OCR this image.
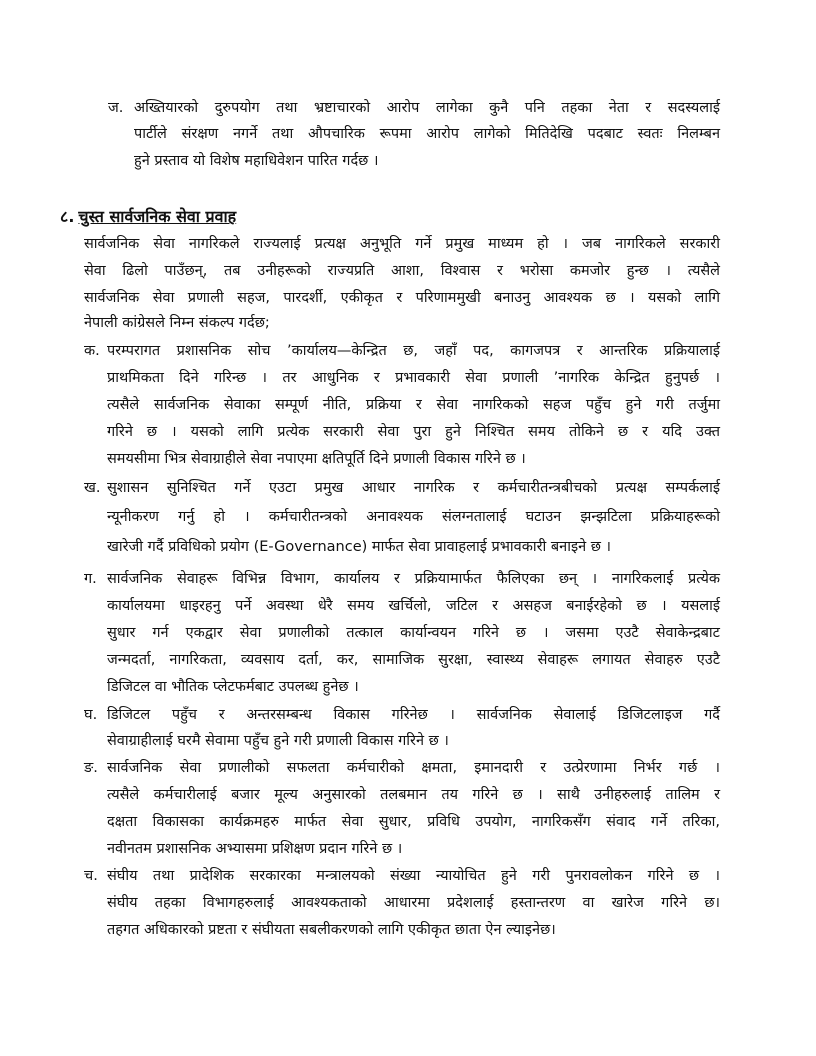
ज. अख्तियारको दुरुपयोग तथा भ्रष्टाचारको आरोप लागेका कुनै पनि तहका नेता र सदस्यलाई
पार्टीले संरक्षण नगर्ने तथा औपचारिक रूपमा आरोप लागेको मितिदेखि पदबाट स्वतः निलम्बन
हुने प्रस्ताव यो विशेष महाधिवेशन पारित गर्दछ ।
८. चुस्त सार्वजनिक सेवा प्रवाह
सार्वजनिक सेवा नागरिकले राज्यलाई प्रत्यक्ष अनुभूति गर्ने प्रमुख माध्यम हो । जब नागरिकले सरकारी
सेवा ढिलो पाउँछन्, तब उनीहरूको राज्यप्रति आशा, विश्वास र भरोसा कमजोर हुन्छ । त्यसैले
सार्वजनिक सेवा प्रणाली सहज, पारदर्शी, एकीकृत र परिणाममुखी बनाउनु आवश्यक छ । यसको लागि
नेपाली कांग्रेसले निम्न संकल्प गर्दछ;
क. परम्परागत प्रशासनिक सोच ’कार्यालय—केन्द्रित छ, जहाँ पद, कागजपत्र र आन्तरिक प्रक्रियालाई
प्राथमिकता दिने गरिन्छ । तर आधुनिक र प्रभावकारी सेवा प्रणाली ’नागरिक केन्द्रित हुनुपर्छ ।
त्यसैले सार्वजनिक सेवाका सम्पूर्ण नीति, प्रक्रिया र सेवा नागरिकको सहज पहुँच हुने गरी तर्जुमा
गरिने छ । यसको लागि प्रत्येक सरकारी सेवा पुरा हुने निश्चित समय तोकिने छ र यदि उक्त
समयसीमा भित्र सेवाग्राहीले सेवा नपाएमा क्षतिपूर्ति दिने प्रणाली विकास गरिने छ ।
ख. सुशासन सुनिश्चित गर्ने एउटा प्रमुख आधार नागरिक र कर्मचारीतन्त्रबीचको प्रत्यक्ष सम्पर्कलाई
न्यूनीकरण गर्नु हो । कर्मचारीतन्त्रको अनावश्यक संलग्नतालाई घटाउन झन्झटिला प्रक्रियाहरूको
खारेजी गर्दै प्रविधिको प्रयोग (E-Governance) मार्फत सेवा प्रावाहलाई प्रभावकारी बनाइने छ ।
ग. सार्वजनिक सेवाहरू विभिन्न विभाग, कार्यालय र प्रक्रियामार्फत फैलिएका छन् । नागरिकलाई प्रत्येक
कार्यालयमा धाइरहनु पर्ने अवस्था धेरै समय खर्चिलो, जटिल र असहज बनाईरहेको छ । यसलाई
सुधार गर्न एकद्वार सेवा प्रणालीको तत्काल कार्यान्वयन गरिने छ । जसमा एउटै सेवाकेन्द्रबाट
जन्मदर्ता, नागरिकता, व्यवसाय दर्ता, कर, सामाजिक सुरक्षा, स्वास्थ्य सेवाहरू लगायत सेवाहरु एउटै
डिजिटल वा भौतिक प्लेटफर्मबाट उपलब्ध हुनेछ ।
घ. डिजिटल पहुँच र अन्तरसम्बन्ध विकास गरिनेछ । सार्वजनिक सेवालाई डिजिटलाइज गर्दै
सेवाग्राहीलाई घरमै सेवामा पहुँच हुने गरी प्रणाली विकास गरिने छ ।
ङ. सार्वजनिक सेवा प्रणालीको सफलता कर्मचारीको क्षमता, इमानदारी र उत्प्रेरणामा निर्भर गर्छ ।
त्यसैले कर्मचारीलाई बजार मूल्य अनुसारको तलबमान तय गरिने छ । साथै उनीहरुलाई तालिम र
दक्षता विकासका कार्यक्रमहरु मार्फत सेवा सुधार, प्रविधि उपयोग, नागरिकसँग संवाद गर्ने तरिका,
नवीनतम प्रशासनिक अभ्यासमा प्रशिक्षण प्रदान गरिने छ ।
च. संघीय तथा प्रादेशिक सरकारका मन्त्रालयको संख्या न्यायोचित हुने गरी पुनरावलोकन गरिने छ ।
संघीय तहका विभागहरुलाई आवश्यकताको आधारमा प्रदेशलाई हस्तान्तरण वा खारेज गरिने छ।
तहगत अधिकारको प्रष्टता र संघीयता सबलीकरणको लागि एकीकृत छाता ऐन ल्याइनेछ।
